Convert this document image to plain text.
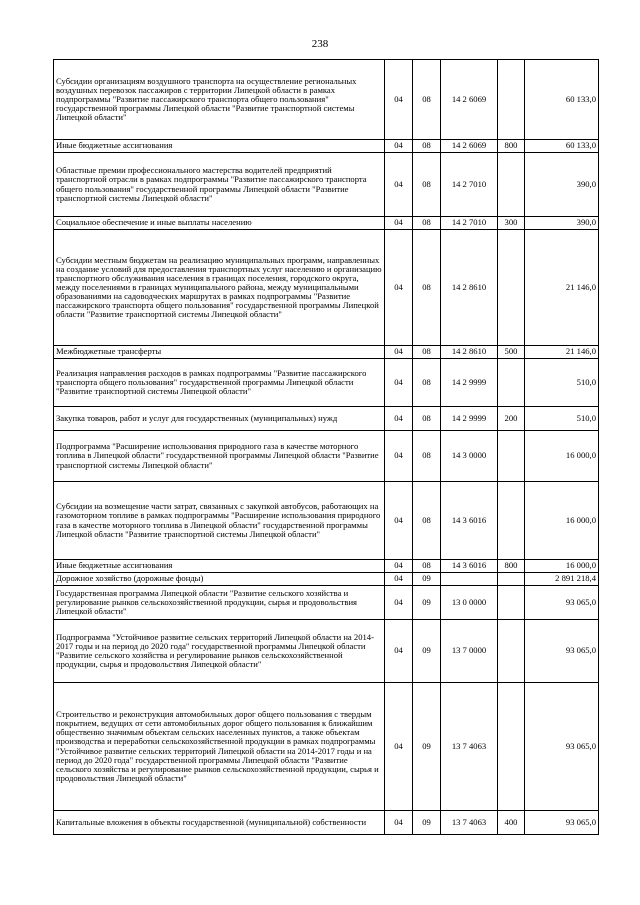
238
Субсидии организациям воздушного транспорта на осуществление региональных воздушных перевозок пассажиров с территории Липецкой области в рамках подпрограммы "Развитие пассажирского транспорта общего пользования" государственной программы Липецкой области "Развитие транспортной системы Липецкой области"	04	08	14 2 6069		60 133,0
Иные бюджетные ассигнования	04	08	14 2 6069	800	60 133,0
Областные премии профессионального мастерства водителей предприятий транспортной отрасли в рамках подпрограммы "Развитие пассажирского транспорта общего пользования" государственной программы Липецкой области "Развитие транспортной системы Липецкой области"	04	08	14 2 7010		390,0
Социальное обеспечение и иные выплаты населению	04	08	14 2 7010	300	390,0
Субсидии местным бюджетам на реализацию муниципальных программ, направленных на создание условий для предоставления транспортных услуг населению и организацию транспортного обслуживания населения в границах поселения, городского округа, между поселениями в границах муниципального района, между муниципальными образованиями на садоводческих маршрутах в рамках подпрограммы "Развитие пассажирского транспорта общего пользования" государственной программы Липецкой области "Развитие транспортной системы Липецкой области"	04	08	14 2 8610		21 146,0
Межбюджетные трансферты	04	08	14 2 8610	500	21 146,0
Реализация направления расходов в рамках подпрограммы "Развитие пассажирского транспорта общего пользования" государственной программы Липецкой области "Развитие транспортной системы Липецкой области"	04	08	14 2 9999		510,0
Закупка товаров, работ и услуг для государственных (муниципальных) нужд	04	08	14 2 9999	200	510,0
Подпрограмма "Расширение использования природного газа в качестве моторного топлива в Липецкой области" государственной программы Липецкой области "Развитие транспортной системы Липецкой области"	04	08	14 3 0000		16 000,0
Субсидии на возмещение части затрат, связанных с закупкой автобусов, работающих на газомоторном топливе в рамках подпрограммы "Расширение использования природного газа в качестве моторного топлива в Липецкой области" государственной программы Липецкой области "Развитие транспортной системы Липецкой области"	04	08	14 3 6016		16 000,0
Иные бюджетные ассигнования	04	08	14 3 6016	800	16 000,0
Дорожное хозяйство (дорожные фонды)	04	09			2 891 218,4
Государственная программа Липецкой области "Развитие сельского хозяйства и регулирование рынков сельскохозяйственной продукции, сырья и продовольствия Липецкой области"	04	09	13 0 0000		93 065,0
Подпрограмма "Устойчивое развитие сельских территорий Липецкой области на 2014-2017 годы и на период до 2020 года" государственной программы Липецкой области "Развитие сельского хозяйства и регулирование рынков сельскохозяйственной продукции, сырья и продовольствия Липецкой области"	04	09	13 7 0000		93 065,0
Строительство и реконструкция автомобильных дорог общего пользования с твердым покрытием, ведущих от сети автомобильных дорог общего пользования к ближайшим общественно значимым объектам сельских населенных пунктов, а также объектам производства и переработки сельскохозяйственной продукции в рамках подпрограммы "Устойчивое развитие сельских территорий Липецкой области на 2014-2017 годы и на период до 2020 года" государственной программы Липецкой области "Развитие сельского хозяйства и регулирование рынков сельскохозяйственной продукции, сырья и продовольствия Липецкой области"	04	09	13 7 4063		93 065,0
Капитальные вложения в объекты государственной (муниципальной) собственности	04	09	13 7 4063	400	93 065,0
